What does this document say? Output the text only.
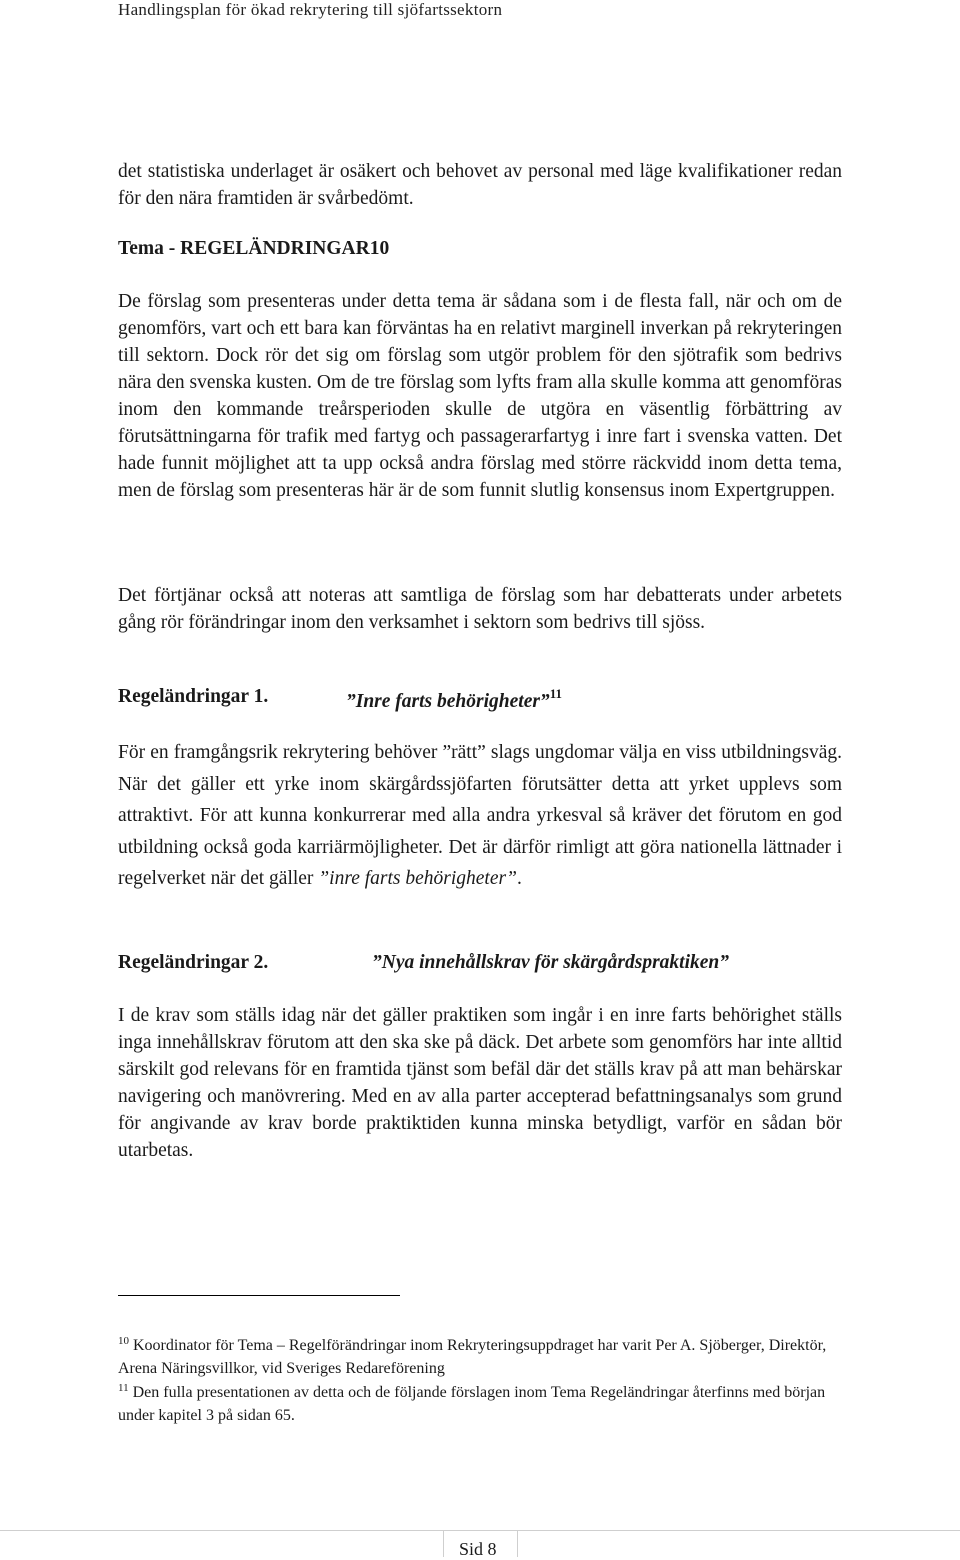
Handlingsplan för ökad rekrytering till sjöfartssektorn

det statistiska underlaget är osäkert och behovet av personal med läge kvalifikationer redan för den nära framtiden är svårbedömt.

Tema - REGELÄNDRINGAR10

De förslag som presenteras under detta tema är sådana som i de flesta fall, när och om de genomförs, vart och ett bara kan förväntas ha en relativt marginell inverkan på rekryteringen till sektorn. Dock rör det sig om förslag som utgör problem för den sjötrafik som bedrivs nära den svenska kusten. Om de tre förslag som lyfts fram alla skulle komma att genomföras inom den kommande treårsperioden skulle de utgöra en väsentlig förbättring av förutsättningarna för trafik med fartyg och passagerarfartyg i inre fart i svenska vatten. Det hade funnit möjlighet att ta upp också andra förslag med större räckvidd inom detta tema, men de förslag som presenteras här är de som funnit slutlig konsensus inom Expertgruppen.

Det förtjänar också att noteras att samtliga de förslag som har debatterats under arbetets gång rör förändringar inom den verksamhet i sektorn som bedrivs till sjöss.

Regeländringar 1.	”Inre farts behörigheter”$^{11}$

För en framgångsrik rekrytering behöver ”rätt” slags ungdomar välja en viss utbildningsväg. När det gäller ett yrke inom skärgårdssjöfarten förutsätter detta att yrket upplevs som attraktivt. För att kunna konkurrerar med alla andra yrkesval så kräver det förutom en god utbildning också goda karriärmöjligheter. Det är därför rimligt att göra nationella lättnader i regelverket när det gäller ”inre farts behörigheter”.

Regeländringar 2.	”Nya innehållskrav för skärgårdspraktiken”

I de krav som ställs idag när det gäller praktiken som ingår i en inre farts behörighet ställs inga innehållskrav förutom att den ska ske på däck. Det arbete som genomförs har inte alltid särskilt god relevans för en framtida tjänst som befäl där det ställs krav på att man behärskar navigering och manövrering. Med en av alla parter accepterad befattningsanalys som grund för angivande av krav borde praktiktiden kunna minska betydligt, varför en sådan bör utarbetas.

$^{10}$ Koordinator för Tema – Regelförändringar inom Rekryteringsuppdraget har varit Per A. Sjöberger, Direktör, Arena Näringsvillkor, vid Sveriges Redareförening

$^{11}$ Den fulla presentationen av detta och de följande förslagen inom Tema Regeländringar återfinns med början under kapitel 3 på sidan 65.

Sid 8
